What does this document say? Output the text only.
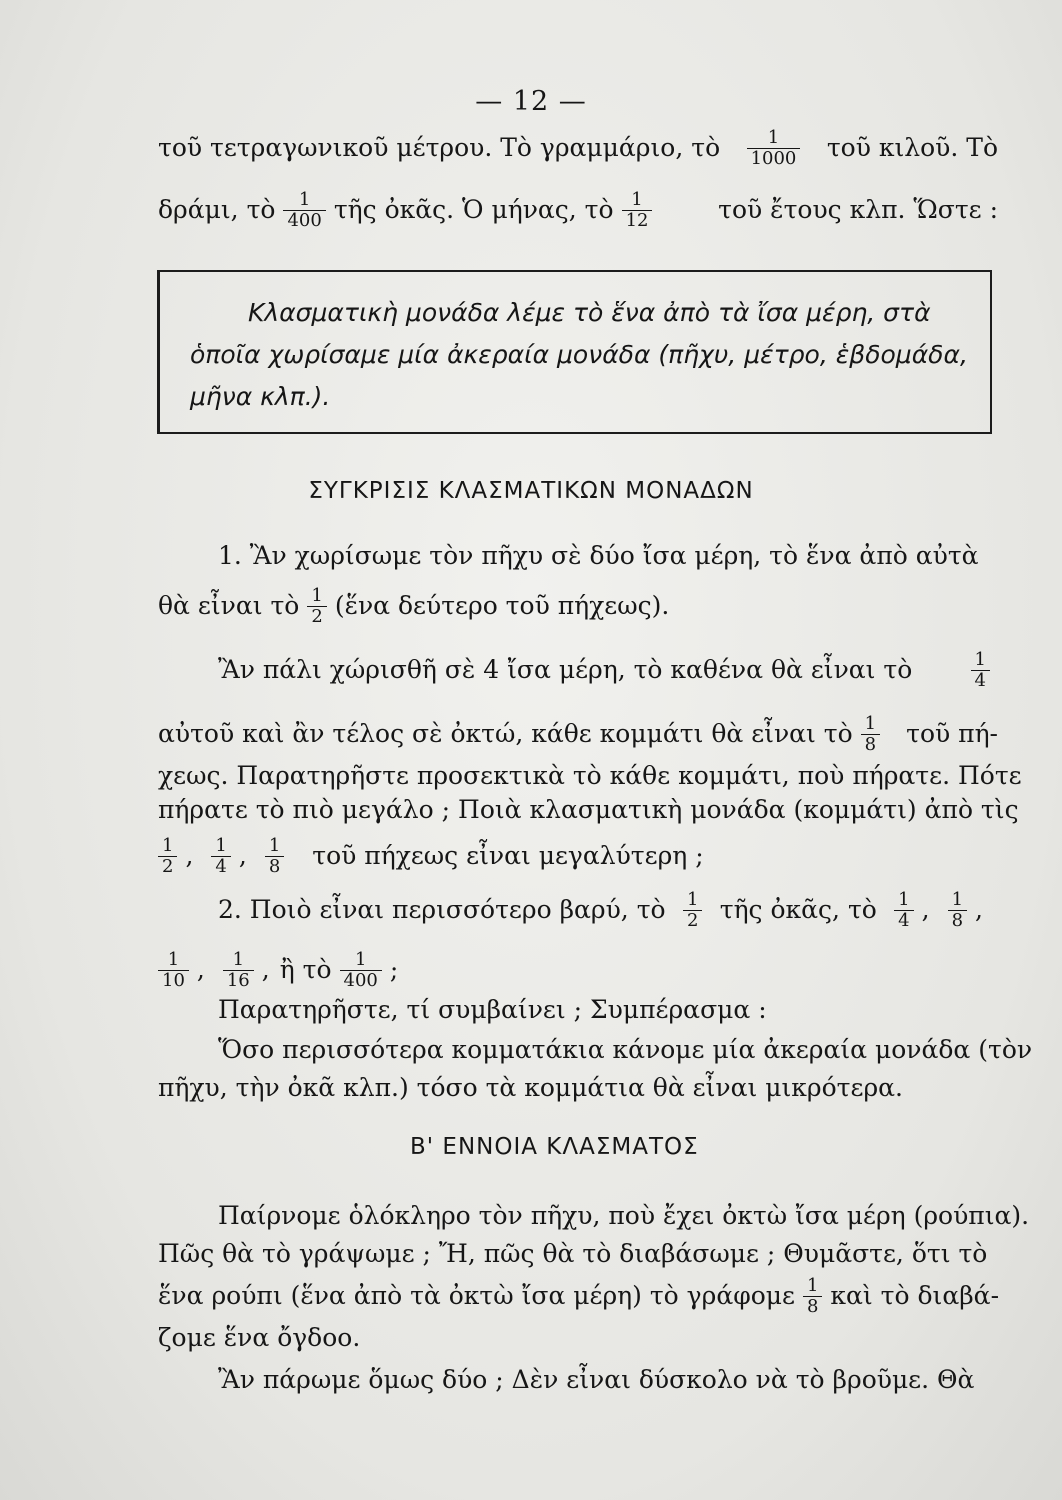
— 12 —
τοῦ τετραγωνικοῦ μέτρου. Τὸ γραμμάριο, τὸ $\frac{1}{1000}$ τοῦ κιλοῦ. Τὸ
δράμι, τὸ $\frac{1}{400}$ τῆς ὀκᾶς. Ὁ μήνας, τὸ $\frac{1}{12}$	τοῦ ἔτους κλπ. Ὥστε :
Κλασματικὴ μονάδα λέμε τὸ ἕνα ἀπὸ τὰ ἴσα μέρη, στὰ
ὁποῖα χωρίσαμε μία ἀκεραία μονάδα (πῆχυ, μέτρο, ἑβδομάδα,
μῆνα κλπ.).
ΣΥΓΚΡΙΣΙΣ ΚΛΑΣΜΑΤΙΚΩΝ ΜΟΝΑΔΩΝ
1. Ἂν χωρίσωμε τὸν πῆχυ σὲ δύο ἴσα μέρη, τὸ ἕνα ἀπὸ αὐτὰ
θὰ εἶναι τὸ $\frac{1}{2}$ (ἕνα δεύτερο τοῦ πήχεως).
Ἂν πάλι χώρισθῆ σὲ 4 ἴσα μέρη, τὸ καθένα θὰ εἶναι τὸ	$\frac{1}{4}$
αὐτοῦ καὶ ἂν τέλος σὲ ὀκτώ, κάθε κομμάτι θὰ εἶναι τὸ $\frac{1}{8}$ τοῦ πή-
χεως. Παρατηρῆστε προσεκτικὰ τὸ κάθε κομμάτι, ποὺ πήρατε. Πότε
πήρατε τὸ πιὸ μεγάλο ; Ποιὰ κλασματικὴ μονάδα (κομμάτι) ἀπὸ τὶς
$\frac{1}{2}$ , $\frac{1}{4}$ , $\frac{1}{8}$ τοῦ πήχεως εἶναι μεγαλύτερη ;
2. Ποιὸ εἶναι περισσότερο βαρύ, τὸ $\frac{1}{2}$ τῆς ὀκᾶς, τὸ $\frac{1}{4}$ , $\frac{1}{8}$ ,
$\frac{1}{10}$ , $\frac{1}{16}$ , ἢ τὸ $\frac{1}{400}$ ;
Παρατηρῆστε, τί συμβαίνει ; Συμπέρασμα :
Ὅσο περισσότερα κομματάκια κάνομε μία ἀκεραία μονάδα (τὸν
πῆχυ, τὴν ὀκᾶ κλπ.) τόσο τὰ κομμάτια θὰ εἶναι μικρότερα.
Β' ΕΝΝΟΙΑ ΚΛΑΣΜΑΤΟΣ
Παίρνομε ὁλόκληρο τὸν πῆχυ, ποὺ ἔχει ὀκτὼ ἴσα μέρη (ρούπια).
Πῶς θὰ τὸ γράψωμε ; Ἤ, πῶς θὰ τὸ διαβάσωμε ; Θυμᾶστε, ὅτι τὸ
ἕνα ρούπι (ἕνα ἀπὸ τὰ ὀκτὼ ἴσα μέρη) τὸ γράφομε $\frac{1}{8}$ καὶ τὸ διαβά-
ζομε ἕνα ὄγδοο.
Ἂν πάρωμε ὅμως δύο ; Δὲν εἶναι δύσκολο νὰ τὸ βροῦμε. Θὰ
